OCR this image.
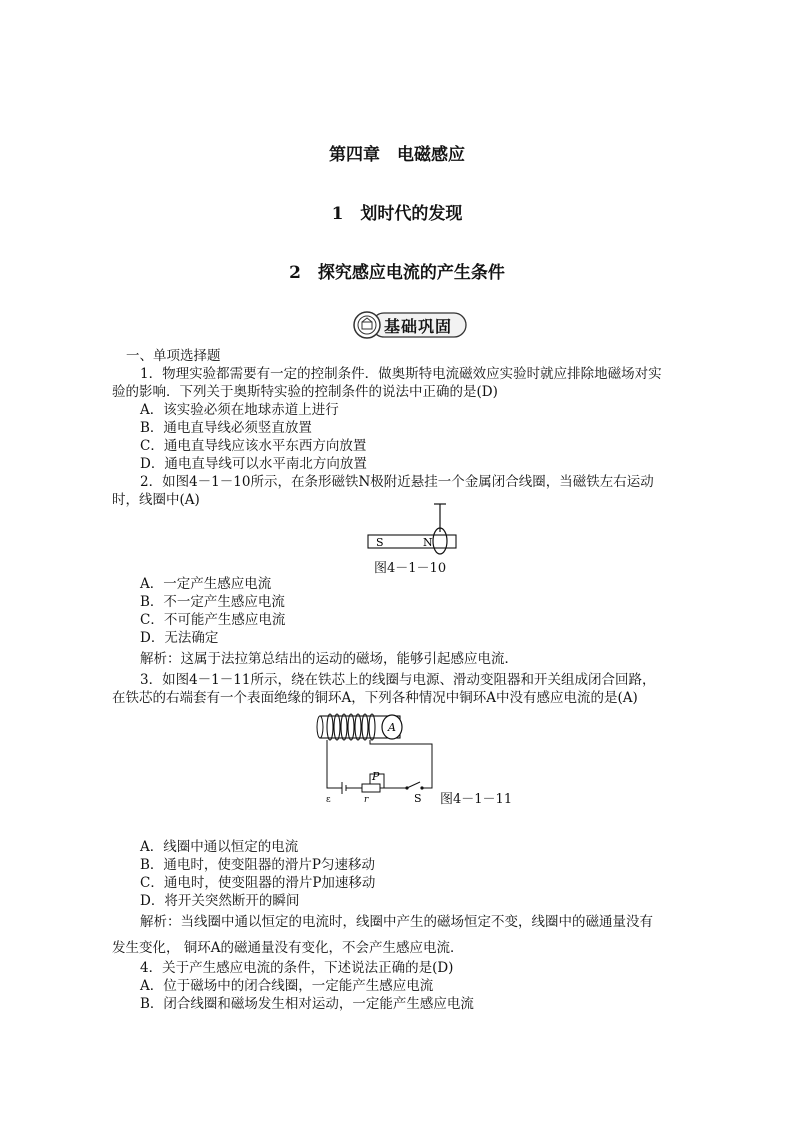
第四章　电磁感应
1　划时代的发现
2　探究感应电流的产生条件
基础巩固
一、单项选择题
1．物理实验都需要有一定的控制条件．做奥斯特电流磁效应实验时就应排除地磁场对实
验的影响．下列关于奥斯特实验的控制条件的说法中正确的是(D)
A．该实验必须在地球赤道上进行
B．通电直导线必须竖直放置
C．通电直导线应该水平东西方向放置
D．通电直导线可以水平南北方向放置
2．如图4－1－10所示，在条形磁铁N极附近悬挂一个金属闭合线圈，当磁铁左右运动
时，线圈中(A)
S	N
图4－1－10
A．一定产生感应电流
B．不一定产生感应电流
C．不可能产生感应电流
D．无法确定
解析：这属于法拉第总结出的运动的磁场，能够引起感应电流．
3．如图4－1－11所示，绕在铁芯上的线圈与电源、滑动变阻器和开关组成闭合回路，
在铁芯的右端套有一个表面绝缘的铜环A，下列各种情况中铜环A中没有感应电流的是(A)
A
P
ε	r	S 图4－1－11
A．线圈中通以恒定的电流
B．通电时，使变阻器的滑片P匀速移动
C．通电时，使变阻器的滑片P加速移动
D．将开关突然断开的瞬间
解析：当线圈中通以恒定的电流时，线圈中产生的磁场恒定不变，线圈中的磁通量没有
发生变化， 铜环A的磁通量没有变化，不会产生感应电流．
4．关于产生感应电流的条件，下述说法正确的是(D)
A．位于磁场中的闭合线圈，一定能产生感应电流
B．闭合线圈和磁场发生相对运动，一定能产生感应电流
